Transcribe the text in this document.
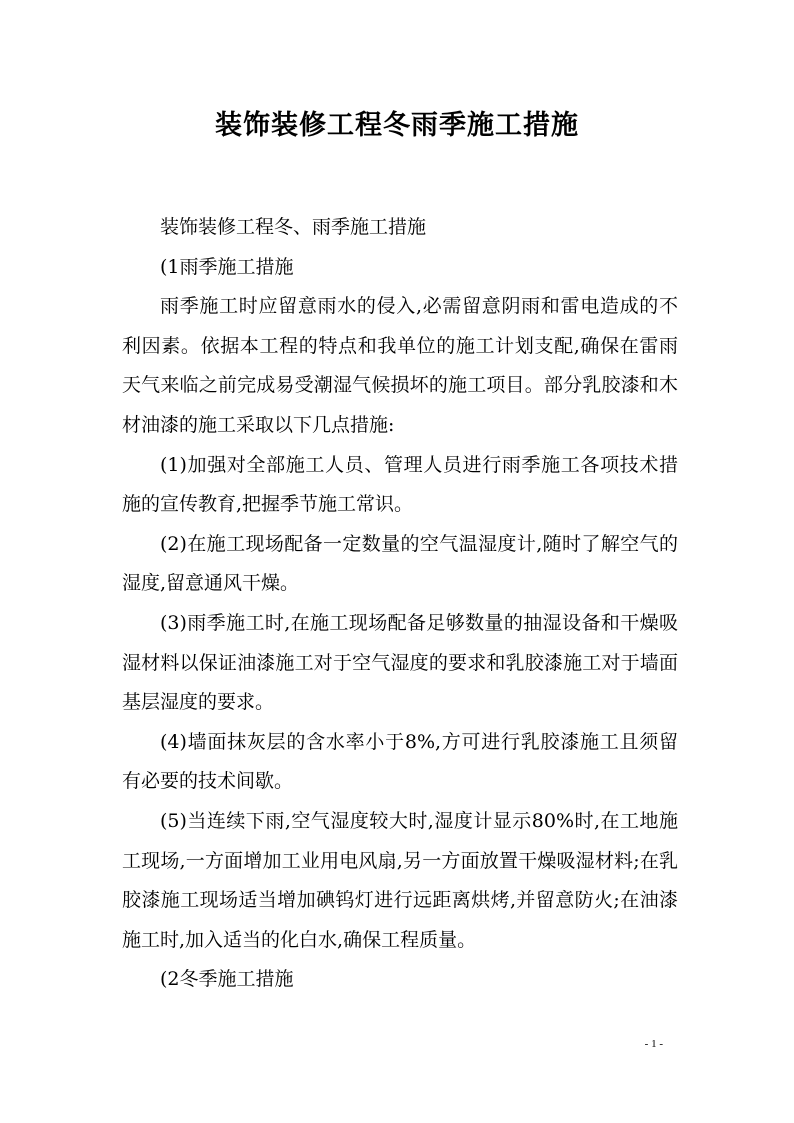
装饰装修工程冬雨季施工措施

装饰装修工程冬、雨季施工措施

(1雨季施工措施

雨季施工时应留意雨水的侵入,必需留意阴雨和雷电造成的不利因素。依据本工程的特点和我单位的施工计划支配,确保在雷雨天气来临之前完成易受潮湿气候损坏的施工项目。部分乳胶漆和木材油漆的施工采取以下几点措施:

(1)加强对全部施工人员、管理人员进行雨季施工各项技术措施的宣传教育,把握季节施工常识。

(2)在施工现场配备一定数量的空气温湿度计,随时了解空气的湿度,留意通风干燥。

(3)雨季施工时,在施工现场配备足够数量的抽湿设备和干燥吸湿材料以保证油漆施工对于空气湿度的要求和乳胶漆施工对于墙面基层湿度的要求。

(4)墙面抹灰层的含水率小于8%,方可进行乳胶漆施工且须留有必要的技术间歇。

(5)当连续下雨,空气湿度较大时,湿度计显示80%时,在工地施工现场,一方面增加工业用电风扇,另一方面放置干燥吸湿材料;在乳胶漆施工现场适当增加碘钨灯进行远距离烘烤,并留意防火;在油漆施工时,加入适当的化白水,确保工程质量。

(2冬季施工措施

- 1 -
